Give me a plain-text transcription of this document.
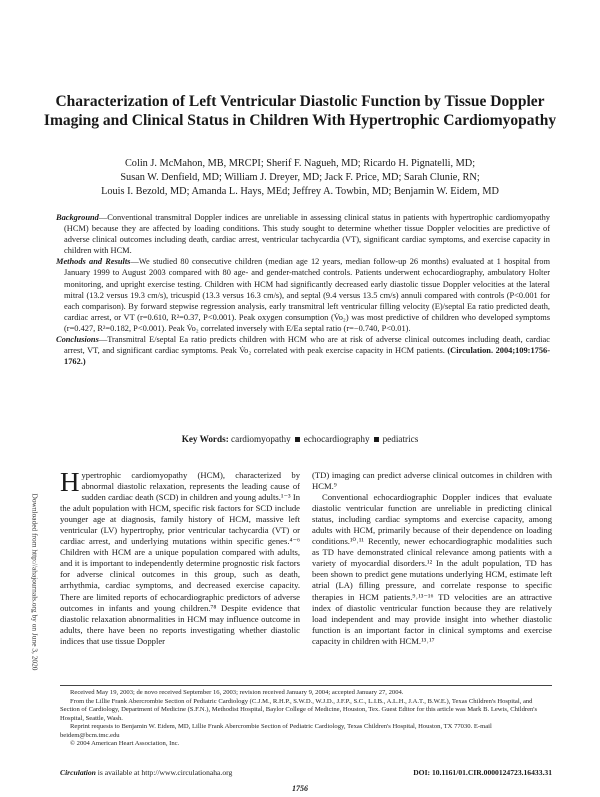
Characterization of Left Ventricular Diastolic Function by Tissue Doppler Imaging and Clinical Status in Children With Hypertrophic Cardiomyopathy
Colin J. McMahon, MB, MRCPI; Sherif F. Nagueh, MD; Ricardo H. Pignatelli, MD;
Susan W. Denfield, MD; William J. Dreyer, MD; Jack F. Price, MD; Sarah Clunie, RN;
Louis I. Bezold, MD; Amanda L. Hays, MEd; Jeffrey A. Towbin, MD; Benjamin W. Eidem, MD

Background—Conventional transmitral Doppler indices are unreliable in assessing clinical status in patients with hypertrophic cardiomyopathy (HCM) because they are affected by loading conditions. This study sought to determine whether tissue Doppler velocities are predictive of adverse clinical outcomes including death, cardiac arrest, ventricular tachycardia (VT), significant cardiac symptoms, and exercise capacity in children with HCM.

Methods and Results—We studied 80 consecutive children (median age 12 years, median follow-up 26 months) evaluated at 1 hospital from January 1999 to August 2003 compared with 80 age- and gender-matched controls. Patients underwent echocardiography, ambulatory Holter monitoring, and upright exercise testing. Children with HCM had significantly decreased early diastolic tissue Doppler velocities at the lateral mitral (13.2 versus 19.3 cm/s), tricuspid (13.3 versus 16.3 cm/s), and septal (9.4 versus 13.5 cm/s) annuli compared with controls (P<0.001 for each comparison). By forward stepwise regression analysis, early transmitral left ventricular filling velocity (E)/septal Ea ratio predicted death, cardiac arrest, or VT (r=0.610, R²=0.37, P<0.001). Peak oxygen consumption (V̇o₂) was most predictive of children who developed symptoms (r=0.427, R²=0.182, P<0.001). Peak V̇o₂ correlated inversely with E/Ea septal ratio (r=−0.740, P<0.01).

Conclusions—Transmitral E/septal Ea ratio predicts children with HCM who are at risk of adverse clinical outcomes including death, cardiac arrest, VT, and significant cardiac symptoms. Peak V̇o₂ correlated with peak exercise capacity in HCM patients. (Circulation. 2004;109:1756-1762.)

Key Words: cardiomyopathy echocardiography pediatrics
Downloaded from http://ahajournals.org by on June 3, 2020

Hypertrophic cardiomyopathy (HCM), characterized by abnormal diastolic relaxation, represents the leading cause of sudden cardiac death (SCD) in children and young adults.¹⁻³ In the adult population with HCM, specific risk factors for SCD include younger age at diagnosis, family history of HCM, massive left ventricular (LV) hypertrophy, prior ventricular tachycardia (VT) or cardiac arrest, and underlying mutations within specific genes.⁴⁻⁶ Children with HCM are a unique population compared with adults, and it is important to independently determine prognostic risk factors for adverse clinical outcomes in this group, such as death, arrhythmia, cardiac symptoms, and decreased exercise capacity. There are limited reports of echocardiographic predictors of adverse outcomes in infants and young children.⁷⁸ Despite evidence that diastolic relaxation abnormalities in HCM may influence outcome in adults, there have been no reports investigating whether diastolic indices that use tissue Doppler

(TD) imaging can predict adverse clinical outcomes in children with HCM.⁹

Conventional echocardiographic Doppler indices that evaluate diastolic ventricular function are unreliable in predicting clinical status, including cardiac symptoms and exercise capacity, among adults with HCM, primarily because of their dependence on loading conditions.¹⁰˒¹¹ Recently, newer echocardiographic modalities such as TD have demonstrated clinical relevance among patients with a variety of myocardial disorders.¹² In the adult population, TD has been shown to predict gene mutations underlying HCM, estimate left atrial (LA) filling pressure, and correlate response to specific therapies in HCM patients.⁹˒¹³⁻¹⁶ TD velocities are an attractive index of diastolic ventricular function because they are relatively load independent and may provide insight into whether diastolic function is an important factor in clinical symptoms and exercise capacity in children with HCM.¹³˒¹⁷

Received May 19, 2003; de novo received September 16, 2003; revision received January 9, 2004; accepted January 27, 2004.

From the Lillie Frank Abercrombie Section of Pediatric Cardiology (C.J.M., R.H.P., S.W.D., W.J.D., J.F.P., S.C., L.I.B., A.L.H., J.A.T., B.W.E.), Texas Children's Hospital, and Section of Cardiology, Department of Medicine (S.F.N.), Methodist Hospital, Baylor College of Medicine, Houston, Tex. Guest Editor for this article was Mark B. Lewis, Children's Hospital, Seattle, Wash.

Reprint requests to Benjamin W. Eidem, MD, Lillie Frank Abercrombie Section of Pediatric Cardiology, Texas Children's Hospital, Houston, TX 77030. E-mail beidem@bcm.tmc.edu

© 2004 American Heart Association, Inc.

Circulation is available at http://www.circulationaha.org	DOI: 10.1161/01.CIR.0000124723.16433.31
1756
